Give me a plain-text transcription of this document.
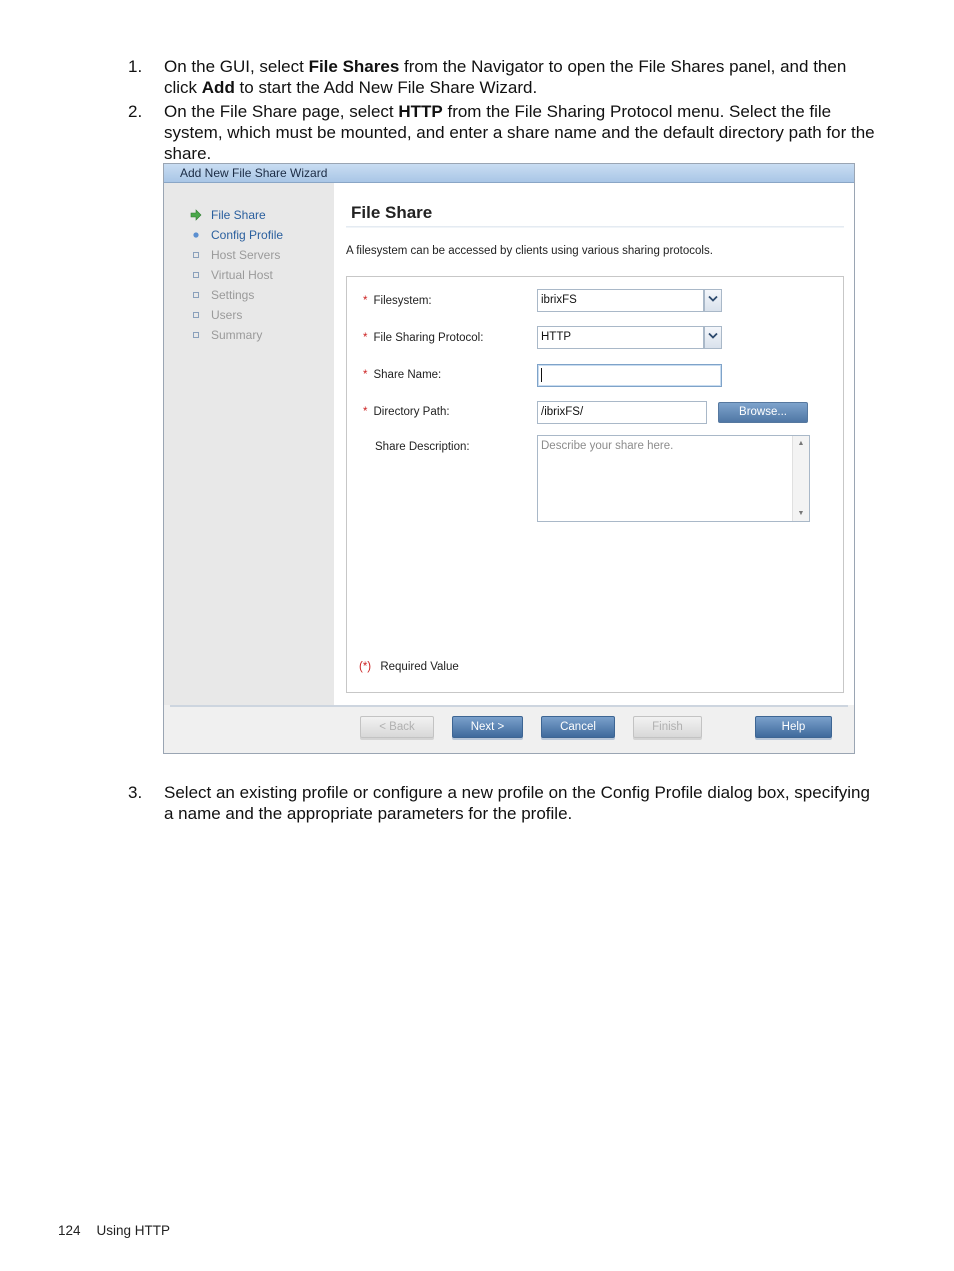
1. On the GUI, select File Shares from the Navigator to open the File Shares panel, and then click Add to start the Add New File Share Wizard.
2. On the File Share page, select HTTP from the File Sharing Protocol menu. Select the file system, which must be mounted, and enter a share name and the default directory path for the share.
Add New File Share Wizard
File Share
Config Profile
Host Servers
Virtual Host
Settings
Users
Summary
File Share
A filesystem can be accessed by clients using various sharing protocols.
* Filesystem:	ibrixFS
* File Sharing Protocol:	HTTP
* Share Name:
* Directory Path:	/ibrixFS/	Browse...
Share Description:	Describe your share here.	▲
▼
(*) Required Value
< Back	Next >	Cancel	Finish	Help
3. Select an existing profile or configure a new profile on the Config Profile dialog box, specifying a name and the appropriate parameters for the profile.
124 Using HTTP
